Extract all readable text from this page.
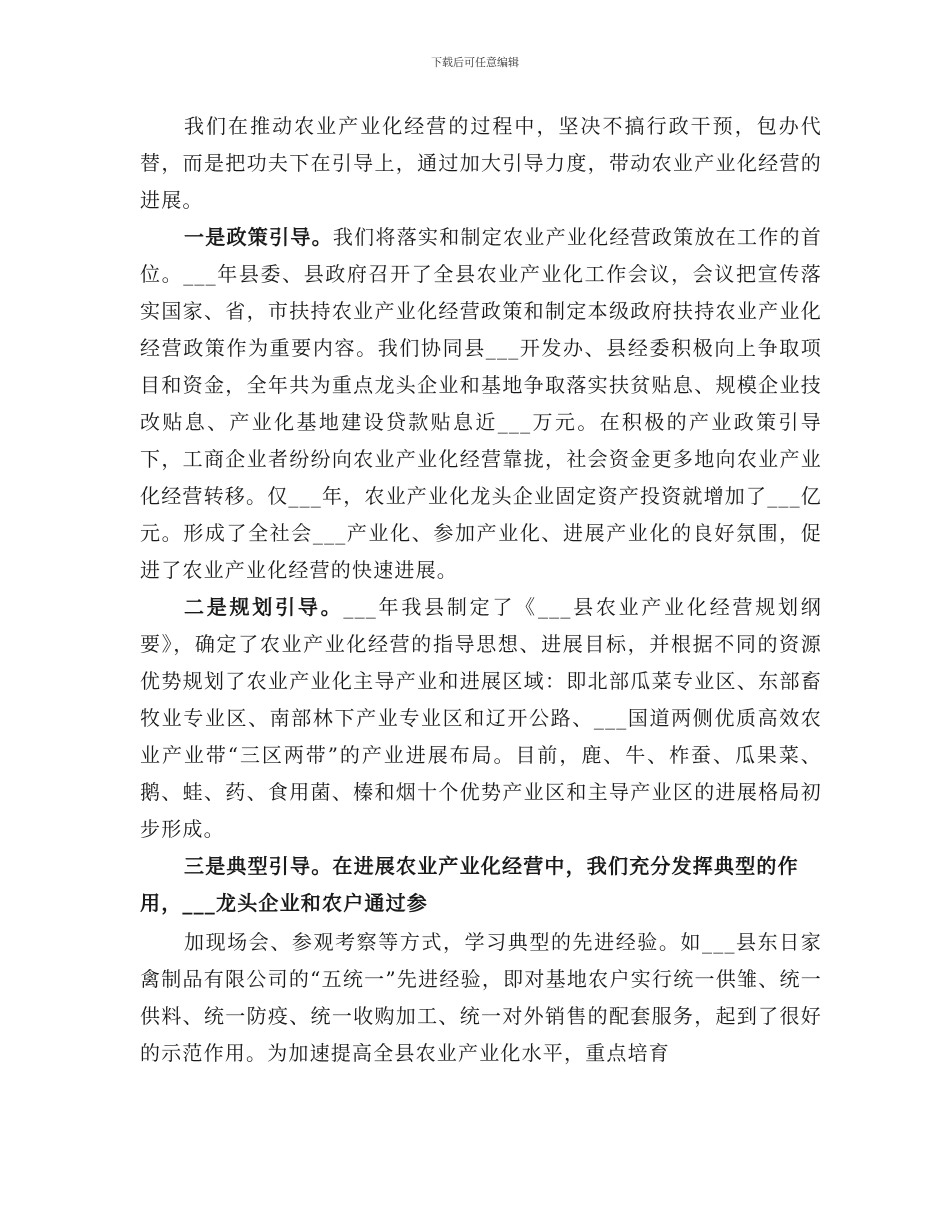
下载后可任意编辑

我们在推动农业产业化经营的过程中，坚决不搞行政干预，包办代替，而是把功夫下在引导上，通过加大引导力度，带动农业产业化经营的进展。

一是政策引导。我们将落实和制定农业产业化经营政策放在工作的首位。___年县委、县政府召开了全县农业产业化工作会议，会议把宣传落实国家、省，市扶持农业产业化经营政策和制定本级政府扶持农业产业化经营政策作为重要内容。我们协同县___开发办、县经委积极向上争取项目和资金，全年共为重点龙头企业和基地争取落实扶贫贴息、规模企业技改贴息、产业化基地建设贷款贴息近___万元。在积极的产业政策引导下，工商企业者纷纷向农业产业化经营靠拢，社会资金更多地向农业产业化经营转移。仅___年，农业产业化龙头企业固定资产投资就增加了___亿元。形成了全社会___产业化、参加产业化、进展产业化的良好氛围，促进了农业产业化经营的快速进展。

二是规划引导。___年我县制定了《___县农业产业化经营规划纲要》，确定了农业产业化经营的指导思想、进展目标，并根据不同的资源优势规划了农业产业化主导产业和进展区域：即北部瓜菜专业区、东部畜牧业专业区、南部林下产业专业区和辽开公路、___国道两侧优质高效农业产业带“三区两带”的产业进展布局。目前，鹿、牛、柞蚕、瓜果菜、鹅、蛙、药、食用菌、榛和烟十个优势产业区和主导产业区的进展格局初步形成。

三是典型引导。在进展农业产业化经营中，我们充分发挥典型的作用，___龙头企业和农户通过参

加现场会、参观考察等方式，学习典型的先进经验。如___县东日家禽制品有限公司的“五统一”先进经验，即对基地农户实行统一供雏、统一供料、统一防疫、统一收购加工、统一对外销售的配套服务，起到了很好的示范作用。为加速提高全县农业产业化水平，重点培育
